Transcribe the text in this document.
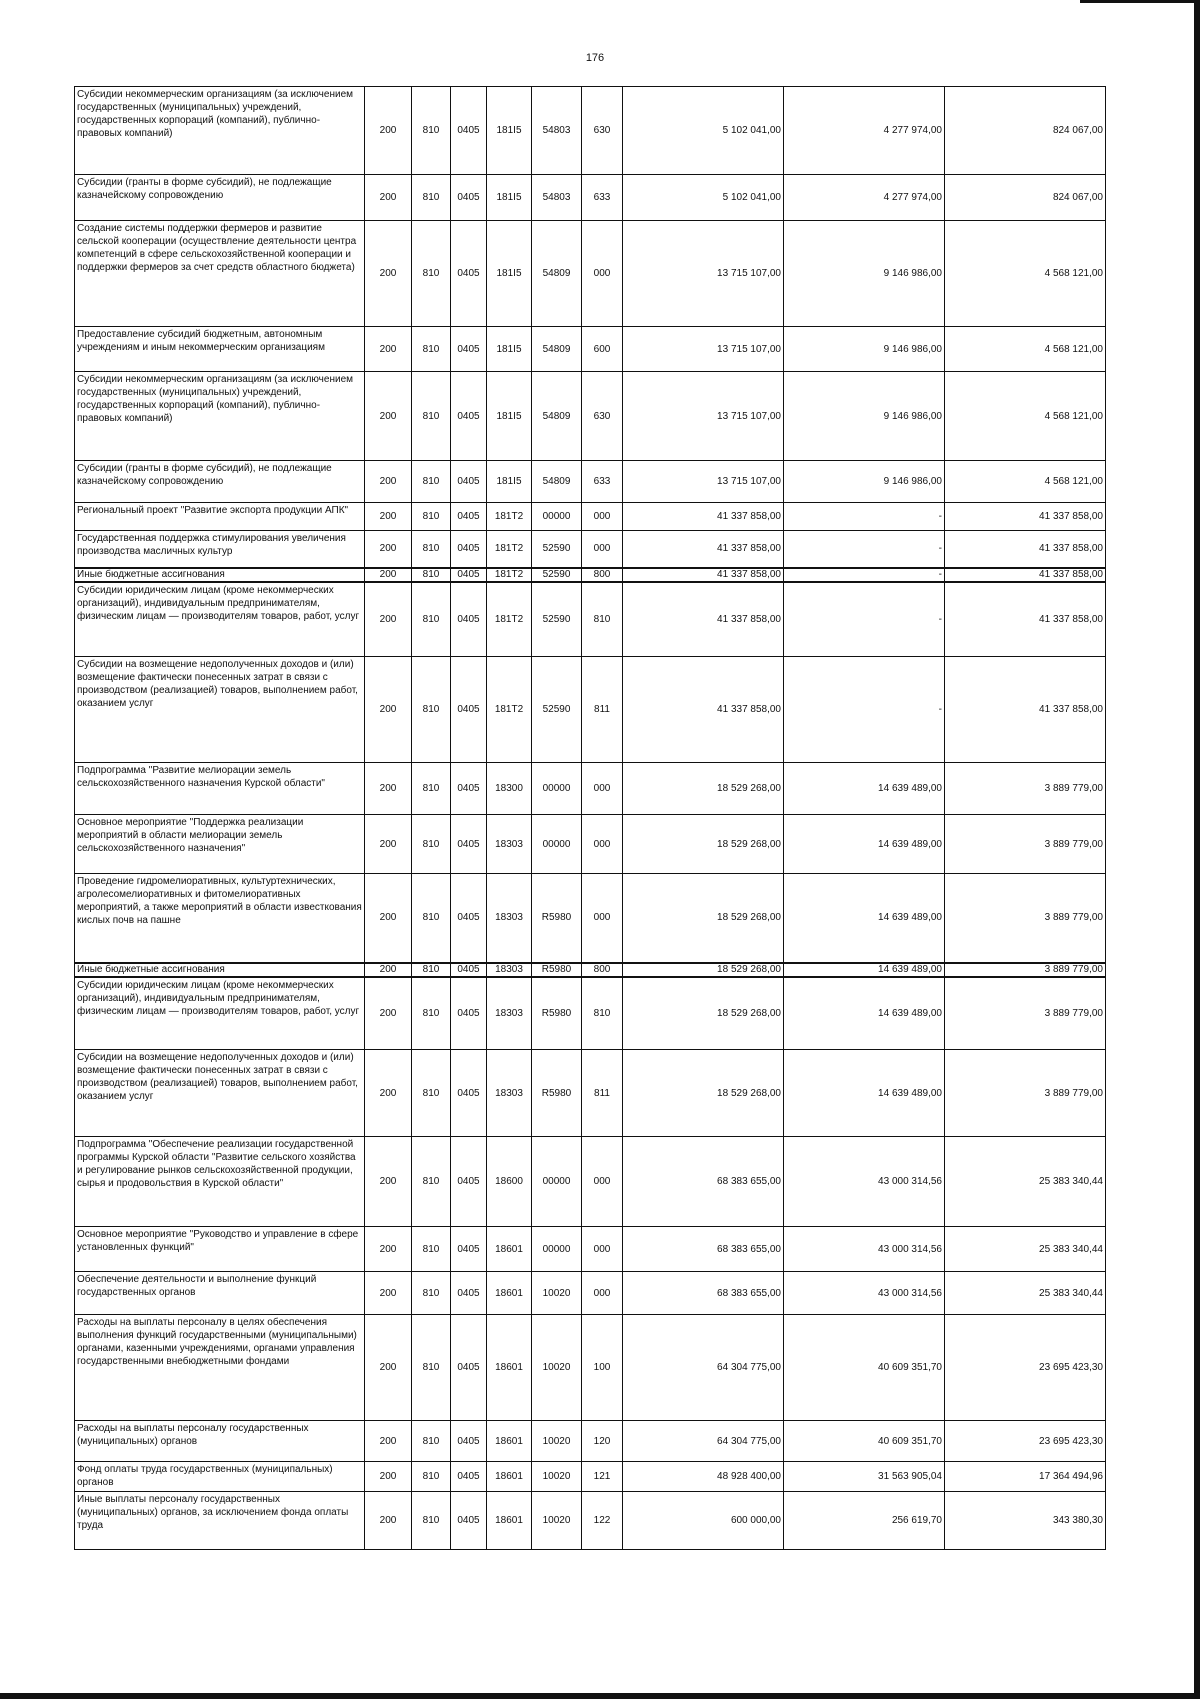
176
Субсидии некоммерческим организациям (за исключением государственных (муниципальных) учреждений, государственных корпораций (компаний), публично-правовых компаний)	200	810	0405	181I5	54803	630	5 102 041,00	4 277 974,00	824 067,00
Субсидии (гранты в форме субсидий), не подлежащие казначейскому сопровождению	200	810	0405	181I5	54803	633	5 102 041,00	4 277 974,00	824 067,00
Создание системы поддержки фермеров и развитие сельской кооперации (осуществление деятельности центра компетенций в сфере сельскохозяйственной кооперации и поддержки фермеров за счет средств областного бюджета)	200	810	0405	181I5	54809	000	13 715 107,00	9 146 986,00	4 568 121,00
Предоставление субсидий бюджетным, автономным учреждениям и иным некоммерческим организациям	200	810	0405	181I5	54809	600	13 715 107,00	9 146 986,00	4 568 121,00
Субсидии некоммерческим организациям (за исключением государственных (муниципальных) учреждений, государственных корпораций (компаний), публично-правовых компаний)	200	810	0405	181I5	54809	630	13 715 107,00	9 146 986,00	4 568 121,00
Субсидии (гранты в форме субсидий), не подлежащие казначейскому сопровождению	200	810	0405	181I5	54809	633	13 715 107,00	9 146 986,00	4 568 121,00
Региональный проект "Развитие экспорта продукции АПК"	200	810	0405	181T2	00000	000	41 337 858,00	-	41 337 858,00
Государственная поддержка стимулирования увеличения производства масличных культур	200	810	0405	181T2	52590	000	41 337 858,00	-	41 337 858,00
Иные бюджетные ассигнования	200	810	0405	181T2	52590	800	41 337 858,00	-	41 337 858,00
Субсидии юридическим лицам (кроме некоммерческих организаций), индивидуальным предпринимателям, физическим лицам — производителям товаров, работ, услуг	200	810	0405	181T2	52590	810	41 337 858,00	-	41 337 858,00
Субсидии на возмещение недополученных доходов и (или) возмещение фактически понесенных затрат в связи с производством (реализацией) товаров, выполнением работ, оказанием услуг	200	810	0405	181T2	52590	811	41 337 858,00	-	41 337 858,00
Подпрограмма "Развитие мелиорации земель сельскохозяйственного назначения Курской области"	200	810	0405	18300	00000	000	18 529 268,00	14 639 489,00	3 889 779,00
Основное мероприятие "Поддержка реализации мероприятий в области мелиорации земель сельскохозяйственного назначения"	200	810	0405	18303	00000	000	18 529 268,00	14 639 489,00	3 889 779,00
Проведение гидромелиоративных, культуртехнических, агролесомелиоративных и фитомелиоративных мероприятий, а также мероприятий в области известкования кислых почв на пашне	200	810	0405	18303	R5980	000	18 529 268,00	14 639 489,00	3 889 779,00
Иные бюджетные ассигнования	200	810	0405	18303	R5980	800	18 529 268,00	14 639 489,00	3 889 779,00
Субсидии юридическим лицам (кроме некоммерческих организаций), индивидуальным предпринимателям, физическим лицам — производителям товаров, работ, услуг	200	810	0405	18303	R5980	810	18 529 268,00	14 639 489,00	3 889 779,00
Субсидии на возмещение недополученных доходов и (или) возмещение фактически понесенных затрат в связи с производством (реализацией) товаров, выполнением работ, оказанием услуг	200	810	0405	18303	R5980	811	18 529 268,00	14 639 489,00	3 889 779,00
Подпрограмма "Обеспечение реализации государственной программы Курской области "Развитие сельского хозяйства и регулирование рынков сельскохозяйственной продукции, сырья и продовольствия в Курской области"	200	810	0405	18600	00000	000	68 383 655,00	43 000 314,56	25 383 340,44
Основное мероприятие "Руководство и управление в сфере установленных функций"	200	810	0405	18601	00000	000	68 383 655,00	43 000 314,56	25 383 340,44
Обеспечение деятельности и выполнение функций государственных органов	200	810	0405	18601	10020	000	68 383 655,00	43 000 314,56	25 383 340,44
Расходы на выплаты персоналу в целях обеспечения выполнения функций государственными (муниципальными) органами, казенными учреждениями, органами управления государственными внебюджетными фондами	200	810	0405	18601	10020	100	64 304 775,00	40 609 351,70	23 695 423,30
Расходы на выплаты персоналу государственных (муниципальных) органов	200	810	0405	18601	10020	120	64 304 775,00	40 609 351,70	23 695 423,30
Фонд оплаты труда государственных (муниципальных) органов	200	810	0405	18601	10020	121	48 928 400,00	31 563 905,04	17 364 494,96
Иные выплаты персоналу государственных (муниципальных) органов, за исключением фонда оплаты труда	200	810	0405	18601	10020	122	600 000,00	256 619,70	343 380,30
